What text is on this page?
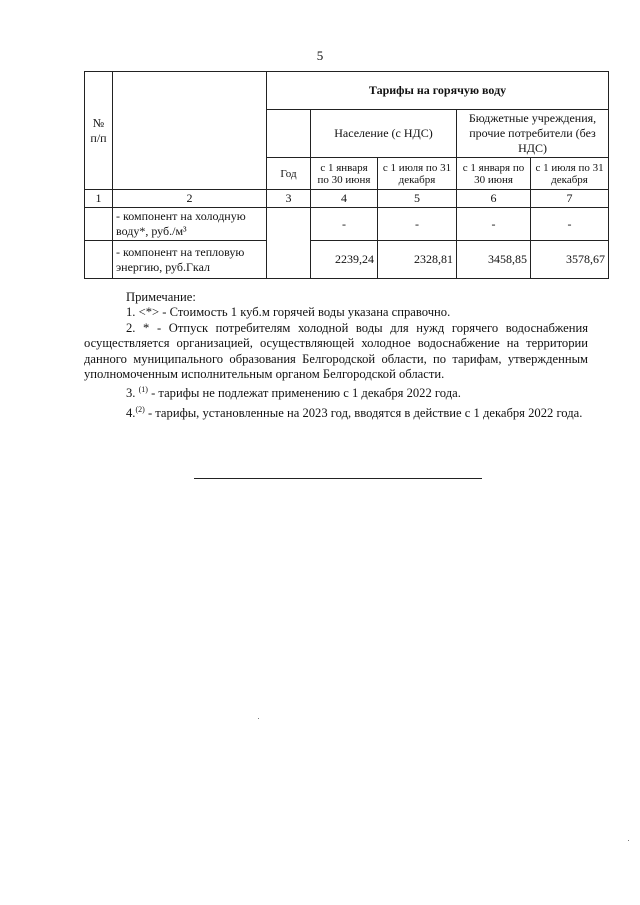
5
№ п/п		Тарифы на горячую воду				
			Население (с НДС)		Бюджетные учреждения, прочие потребители (без НДС)	
		Год	с 1 января по 30 июня	с 1 июля по 31 декабря	с 1 января по 30 июня	с 1 июля по 31 декабря
1	2	3	4	5	6	7
	- компонент на холодную воду*, руб./м³		-	-	-	-
	- компонент на тепловую энергию, руб.Гкал		2239,24	2328,81	3458,85	3578,67

Примечание:

1. <*> - Стоимость 1 куб.м горячей воды указана справочно.

2. * - Отпуск потребителям холодной воды для нужд горячего водоснабжения осуществляется организацией, осуществляющей холодное водоснабжение на территории данного муниципального образования Белгородской области, по тарифам, утвержденным уполномоченным исполнительным органом Белгородской области.

3. $^{(1)}$ - тарифы не подлежат применению с 1 декабря 2022 года.

4.$^{(2)}$ - тарифы, установленные на 2023 год, вводятся в действие с 1 декабря 2022 года.
